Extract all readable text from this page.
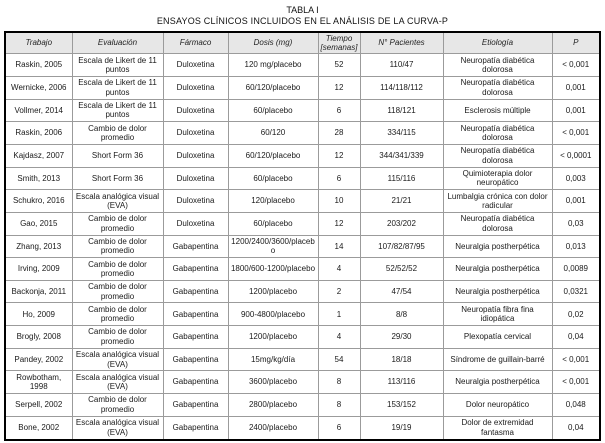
TABLA I
ENSAYOS CLÍNICOS INCLUIDOS EN EL ANÁLISIS DE LA CURVA-P
Trabajo	Evaluación	Fármaco	Dosis (mg)	Tiempo [semanas]	N° Pacientes	Etiología	P
Raskin, 2005	Escala de Likert de 11 puntos	Duloxetina	120 mg/placebo	52	110/47	Neuropatía diabética dolorosa	< 0,001
Wernicke, 2006	Escala de Likert de 11 puntos	Duloxetina	60/120/placebo	12	114/118/112	Neuropatía diabética dolorosa	0,001
Vollmer, 2014	Escala de Likert de 11 puntos	Duloxetina	60/placebo	6	118/121	Esclerosis múltiple	0,001
Raskin, 2006	Cambio de dolor promedio	Duloxetina	60/120	28	334/115	Neuropatía diabética dolorosa	< 0,001
Kajdasz, 2007	Short Form 36	Duloxetina	60/120/placebo	12	344/341/339	Neuropatía diabética dolorosa	< 0,0001
Smith, 2013	Short Form 36	Duloxetina	60/placebo	6	115/116	Quimioterapia dolor neuropático	0,003
Schukro, 2016	Escala analógica visual (EVA)	Duloxetina	120/placebo	10	21/21	Lumbalgia crónica con dolor radicular	0,001
Gao, 2015	Cambio de dolor promedio	Duloxetina	60/placebo	12	203/202	Neuropatía diabética dolorosa	0,03
Zhang, 2013	Cambio de dolor promedio	Gabapentina	1200/2400/3600/placebo	14	107/82/87/95	Neuralgia postherpética	0,013
Irving, 2009	Cambio de dolor promedio	Gabapentina	1800/600-1200/placebo	4	52/52/52	Neuralgia postherpética	0,0089
Backonja, 2011	Cambio de dolor promedio	Gabapentina	1200/placebo	2	47/54	Neuralgia postherpética	0,0321
Ho, 2009	Cambio de dolor promedio	Gabapentina	900-4800/placebo	1	8/8	Neuropatía fibra fina idiopática	0,02
Brogly, 2008	Cambio de dolor promedio	Gabapentina	1200/placebo	4	29/30	Plexopatía cervical	0,04
Pandey, 2002	Escala analógica visual (EVA)	Gabapentina	15mg/kg/día	54	18/18	Síndrome de guillain-barré	< 0,001
Rowbotham, 1998	Escala analógica visual (EVA)	Gabapentina	3600/placebo	8	113/116	Neuralgia postherpética	< 0,001
Serpell, 2002	Cambio de dolor promedio	Gabapentina	2800/placebo	8	153/152	Dolor neuropático	0,048
Bone, 2002	Escala analógica visual (EVA)	Gabapentina	2400/placebo	6	19/19	Dolor de extremidad fantasma	0,04
